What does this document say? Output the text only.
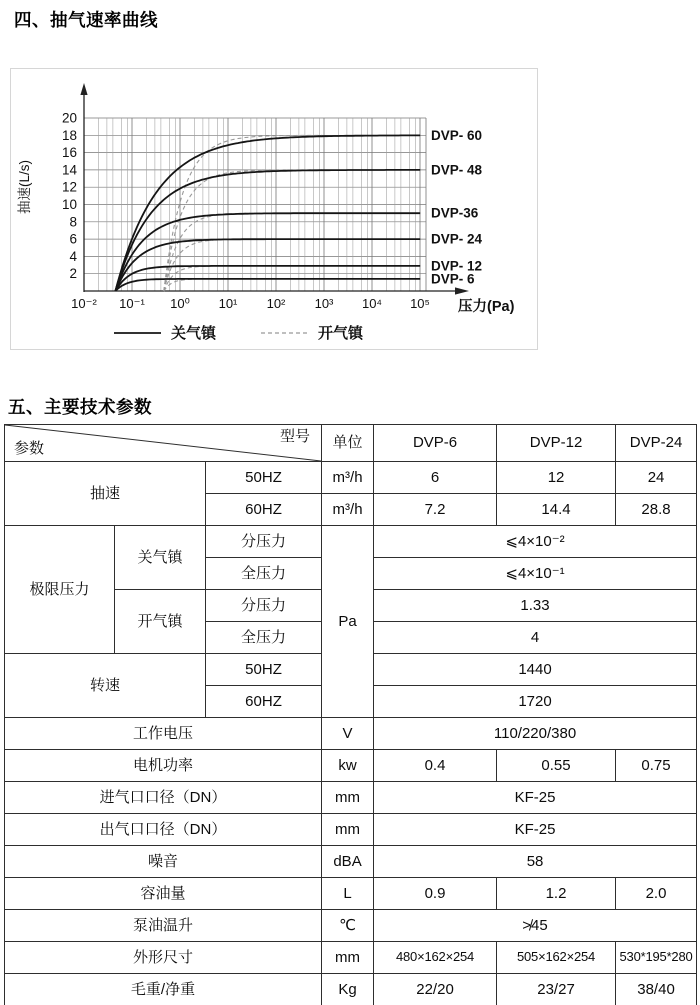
四、抽气速率曲线
2
4
6
8
10
12
14
16
18
20
10⁻² 10⁻¹ 10⁰ 10¹ 10² 10³ 10⁴ 10⁵ 压力(Pa)
抽速(L/s)
DVP- 60
DVP- 48
DVP-36
DVP- 24
DVP- 12
DVP- 6
关气镇	开气镇
五、主要技术参数
参数
型号			单位	DVP-6	DVP-12	DVP-24
抽速		50HZ	m³/h	6	12	24
		60HZ	m³/h	7.2	14.4	28.8
极限压力	关气镇	分压力	Pa	⩽4×10⁻²		
		全压力		⩽4×10⁻¹		
	开气镇	分压力		1.33		
		全压力		4		
转速		50HZ		1440		
		60HZ		1720		
工作电压			V	110/220/380		
电机功率			kw	0.4	0.55	0.75
进气口口径（DN）			mm	KF-25		
出气口口径（DN）			mm	KF-25		
噪音			dBA	58		
容油量			L	0.9	1.2	2.0
泵油温升			℃	≯45		
外形尺寸			mm	480×162×254	505×162×254	530*195*280
毛重/净重			Kg	22/20	23/27	38/40
